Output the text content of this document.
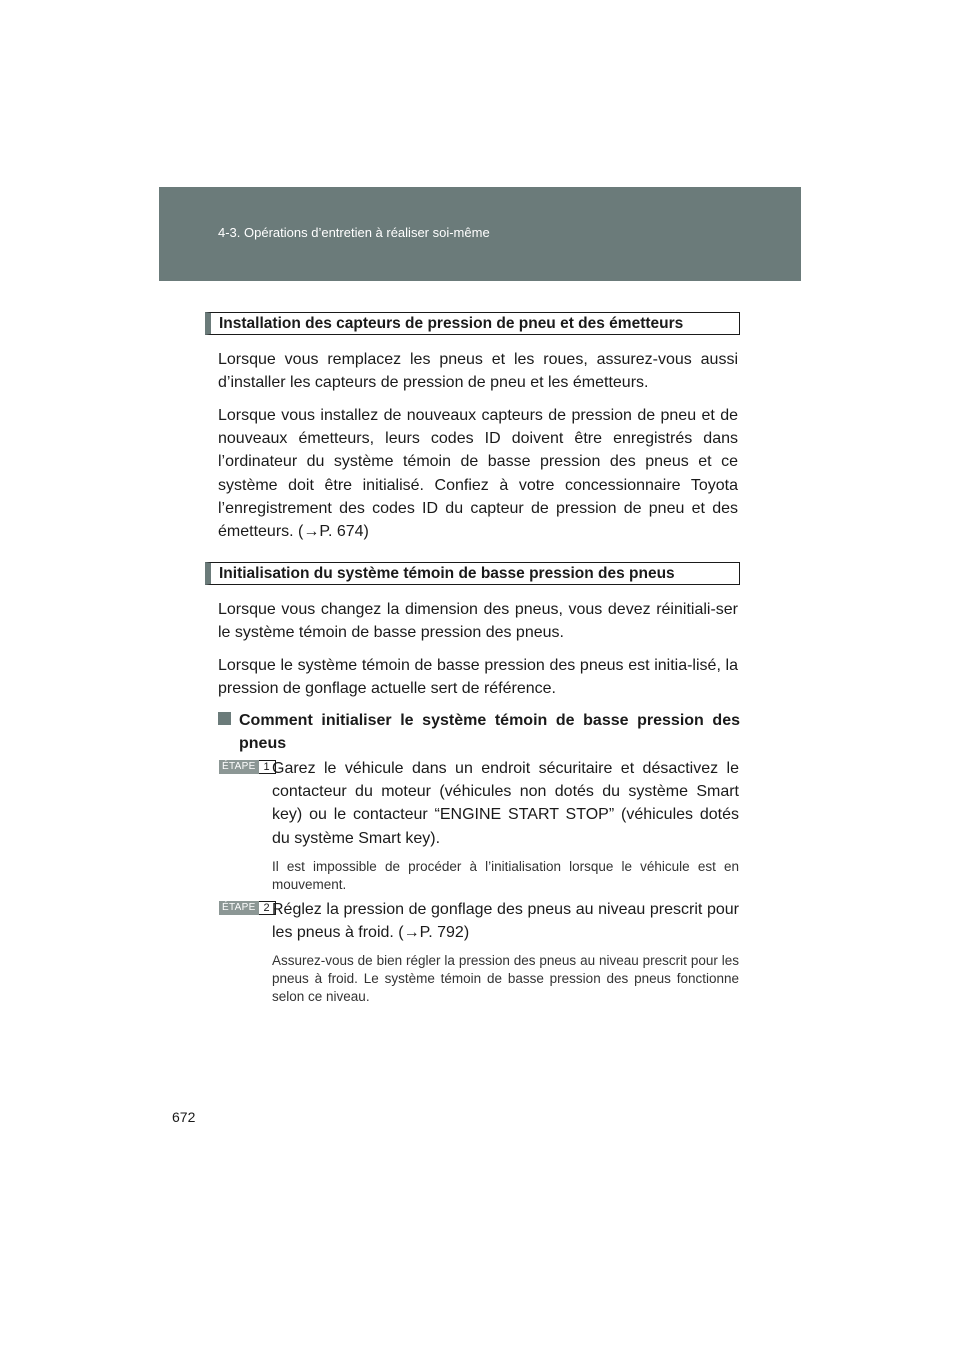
4-3. Opérations d’entretien à réaliser soi-même
Installation des capteurs de pression de pneu et des émetteurs

Lorsque vous remplacez les pneus et les roues, assurez-vous aussi d’installer les capteurs de pression de pneu et les émetteurs.

Lorsque vous installez de nouveaux capteurs de pression de pneu et de nouveaux émetteurs, leurs codes ID doivent être enregistrés dans l’ordinateur du système témoin de basse pression des pneus et ce système doit être initialisé. Confiez à votre concessionnaire Toyota l’enregistrement des codes ID du capteur de pression de pneu et des émetteurs. (→P. 674)

Initialisation du système témoin de basse pression des pneus

Lorsque vous changez la dimension des pneus, vous devez réinitiali-ser le système témoin de basse pression des pneus.

Lorsque le système témoin de basse pression des pneus est initia-lisé, la pression de gonflage actuelle sert de référence.

Comment initialiser le système témoin de basse pression des pneus
ÉTAPE 1 Garez le véhicule dans un endroit sécuritaire et désactivez le contacteur du moteur (véhicules non dotés du système Smart key) ou le contacteur “ENGINE START STOP” (véhicules dotés du système Smart key).
Il est impossible de procéder à l’initialisation lorsque le véhicule est en mouvement.
ÉTAPE 2 Réglez la pression de gonflage des pneus au niveau prescrit pour les pneus à froid. (→P. 792)
Assurez-vous de bien régler la pression des pneus au niveau prescrit pour les pneus à froid. Le système témoin de basse pression des pneus fonctionne selon ce niveau.
672
